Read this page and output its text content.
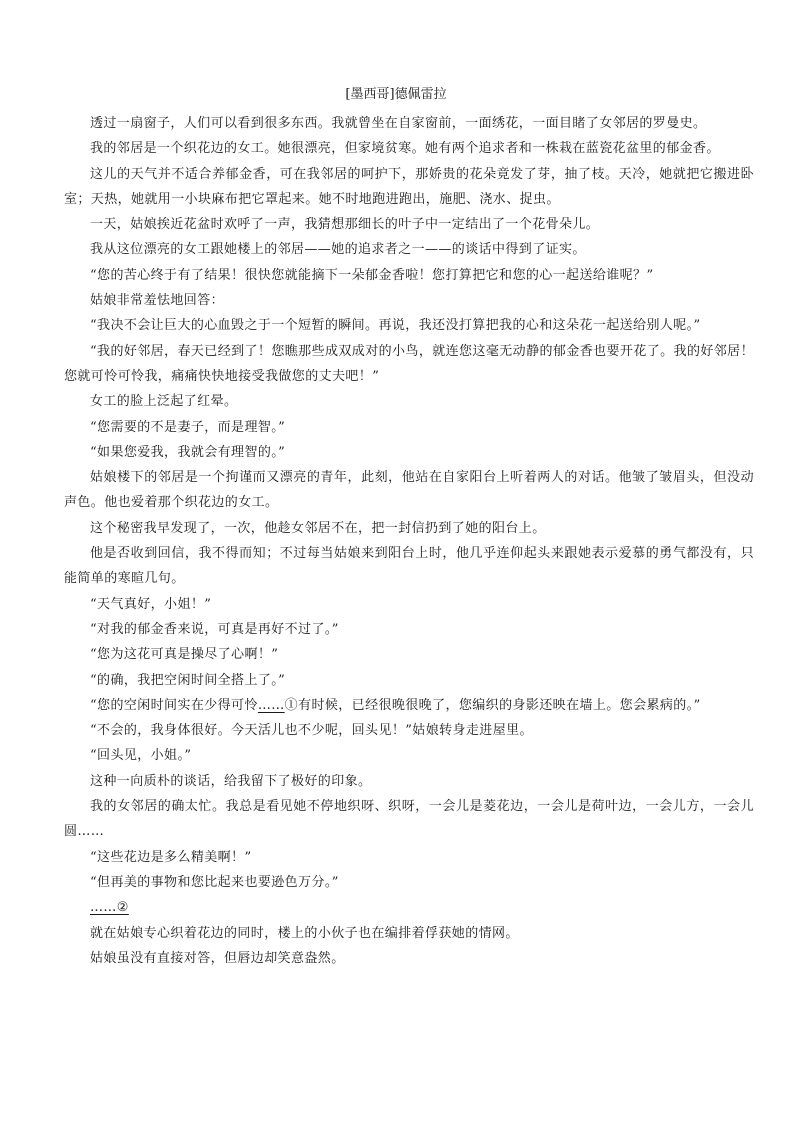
[墨西哥]德佩雷拉

透过一扇窗子，人们可以看到很多东西。我就曾坐在自家窗前，一面绣花，一面目睹了女邻居的罗曼史。

我的邻居是一个织花边的女工。她很漂亮，但家境贫寒。她有两个追求者和一株栽在蓝瓷花盆里的郁金香。

这儿的天气并不适合养郁金香，可在我邻居的呵护下，那娇贵的花朵竟发了芽，抽了枝。天冷，她就把它搬进卧室；天热，她就用一小块麻布把它罩起来。她不时地跑进跑出，施肥、浇水、捉虫。

一天，姑娘挨近花盆时欢呼了一声，我猜想那细长的叶子中一定结出了一个花骨朵儿。

我从这位漂亮的女工跟她楼上的邻居——她的追求者之一——的谈话中得到了证实。

“您的苦心终于有了结果！很快您就能摘下一朵郁金香啦！您打算把它和您的心一起送给谁呢？”

姑娘非常羞怯地回答：

“我决不会让巨大的心血毁之于一个短暂的瞬间。再说，我还没打算把我的心和这朵花一起送给别人呢。”

“我的好邻居，春天已经到了！您瞧那些成双成对的小鸟，就连您这毫无动静的郁金香也要开花了。我的好邻居！您就可怜可怜我，痛痛快快地接受我做您的丈夫吧！”

女工的脸上泛起了红晕。

“您需要的不是妻子，而是理智。”

“如果您爱我，我就会有理智的。”

姑娘楼下的邻居是一个拘谨而又漂亮的青年，此刻，他站在自家阳台上听着两人的对话。他皱了皱眉头，但没动声色。他也爱着那个织花边的女工。

这个秘密我早发现了，一次，他趁女邻居不在，把一封信扔到了她的阳台上。

他是否收到回信，我不得而知；不过每当姑娘来到阳台上时，他几乎连仰起头来跟她表示爱慕的勇气都没有，只能简单的寒暄几句。

“天气真好，小姐！”

“对我的郁金香来说，可真是再好不过了。”

“您为这花可真是操尽了心啊！”

“的确，我把空闲时间全搭上了。”

“您的空闲时间实在少得可怜……①有时候，已经很晚很晚了，您编织的身影还映在墙上。您会累病的。”

“不会的，我身体很好。今天活儿也不少呢，回头见！”姑娘转身走进屋里。

“回头见，小姐。”

这种一向质朴的谈话，给我留下了极好的印象。

我的女邻居的确太忙。我总是看见她不停地织呀、织呀，一会儿是菱花边，一会儿是荷叶边，一会儿方，一会儿圆……

“这些花边是多么精美啊！”

“但再美的事物和您比起来也要逊色万分。”

……②

就在姑娘专心织着花边的同时，楼上的小伙子也在编排着俘获她的情网。

姑娘虽没有直接对答，但唇边却笑意盎然。
